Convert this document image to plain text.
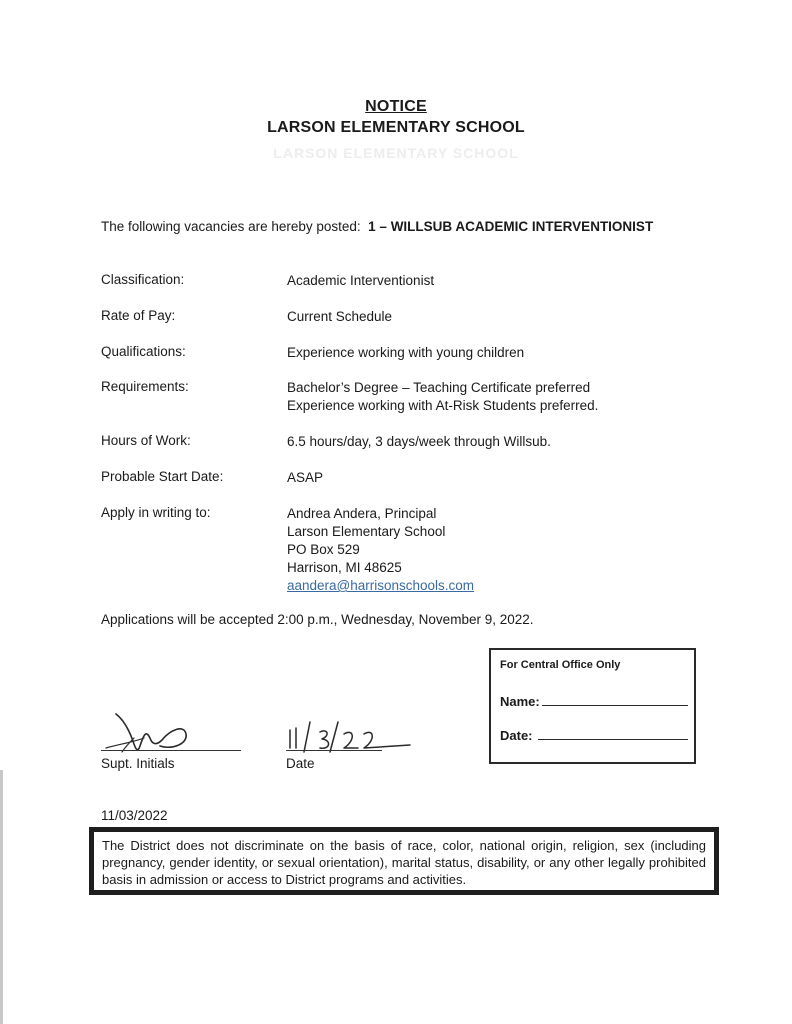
NOTICE
LARSON ELEMENTARY SCHOOL
LARSON ELEMENTARY SCHOOL
The following vacancies are hereby posted: 1 – WILLSUB ACADEMIC INTERVENTIONIST
Classification:	Academic Interventionist
Rate of Pay:	Current Schedule
Qualifications:	Experience working with young children
Requirements:	Bachelor’s Degree – Teaching Certificate preferred
Experience working with At-Risk Students preferred.
Hours of Work:	6.5 hours/day, 3 days/week through Willsub.
Probable Start Date:	ASAP
Apply in writing to:	Andrea Andera, Principal
Larson Elementary School
PO Box 529
Harrison, MI 48625
aandera@harrisonschools.com
Applications will be accepted 2:00 p.m., Wednesday, November 9, 2022.
For Central Office Only
Name:
Date:
Supt. Initials	Date
11/03/2022
The District does not discriminate on the basis of race, color, national origin, religion, sex (including pregnancy, gender identity, or sexual orientation), marital status, disability, or any other legally prohibited basis in admission or access to District programs and activities.
